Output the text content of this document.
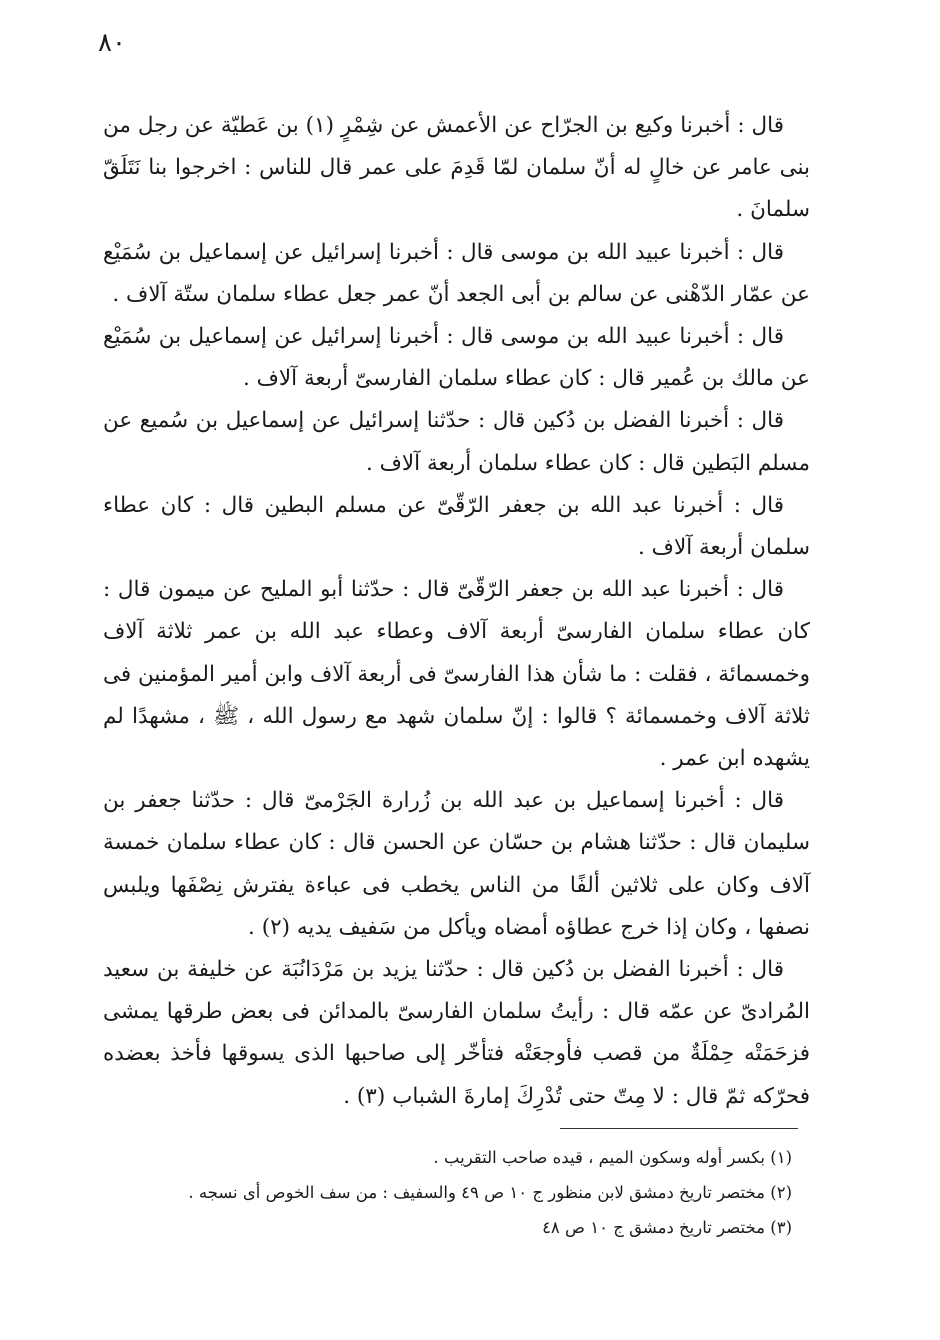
٨٠

قال : أخبرنا وكيع بن الجرّاح عن الأعمش عن شِمْرٍ (١) بن عَطيّة عن رجل من بنى عامر عن خالٍ له أنّ سلمان لمّا قَدِمَ على عمر قال للناس : اخرجوا بنا نَتَلَقّ سلمانَ .

قال : أخبرنا عبيد الله بن موسى قال : أخبرنا إسرائيل عن إسماعيل بن سُمَيْع عن عمّار الدّهْنى عن سالم بن أبى الجعد أنّ عمر جعل عطاء سلمان ستّة آلاف .

قال : أخبرنا عبيد الله بن موسى قال : أخبرنا إسرائيل عن إسماعيل بن سُمَيْع عن مالك بن عُمير قال : كان عطاء سلمان الفارسىّ أربعة آلاف .

قال : أخبرنا الفضل بن دُكين قال : حدّثنا إسرائيل عن إسماعيل بن سُميع عن مسلم البَطين قال : كان عطاء سلمان أربعة آلاف .

قال : أخبرنا عبد الله بن جعفر الرّقّىّ عن مسلم البطين قال : كان عطاء سلمان أربعة آلاف .

قال : أخبرنا عبد الله بن جعفر الرّقّىّ قال : حدّثنا أبو المليح عن ميمون قال : كان عطاء سلمان الفارسىّ أربعة آلاف وعطاء عبد الله بن عمر ثلاثة آلاف وخمسمائة ، فقلت : ما شأن هذا الفارسىّ فى أربعة آلاف وابن أمير المؤمنين فى ثلاثة آلاف وخمسمائة ؟ قالوا : إنّ سلمان شهد مع رسول الله ، ﷺ ، مشهدًا لم يشهده ابن عمر .

قال : أخبرنا إسماعيل بن عبد الله بن زُرارة الجَرْمىّ قال : حدّثنا جعفر بن سليمان قال : حدّثنا هشام بن حسّان عن الحسن قال : كان عطاء سلمان خمسة آلاف وكان على ثلاثين ألفًا من الناس يخطب فى عباءة يفترش نِصْفَها ويلبس نصفها ، وكان إذا خرج عطاؤه أمضاه ويأكل من سَفيف يديه (٢) .

قال : أخبرنا الفضل بن دُكين قال : حدّثنا يزيد بن مَرْدَانُبَة عن خليفة بن سعيد المُرادىّ عن عمّه قال : رأيتُ سلمان الفارسىّ بالمدائن فى بعض طرقها يمشى فزحَمَتْه حِمْلَةٌ من قصب فأوجعَتْه فتأخّر إلى صاحبها الذى يسوقها فأخذ بعضده فحرّكه ثمّ قال : لا مِتّ حتى تُدْرِكَ إمارةَ الشباب (٣) .

(١) بكسر أوله وسكون الميم ، قيده صاحب التقريب .

(٢) مختصر تاريخ دمشق لابن منظور ج ١٠ ص ٤٩ والسفيف : من سف الخوص أى نسجه .

(٣) مختصر تاريخ دمشق ج ١٠ ص ٤٨
